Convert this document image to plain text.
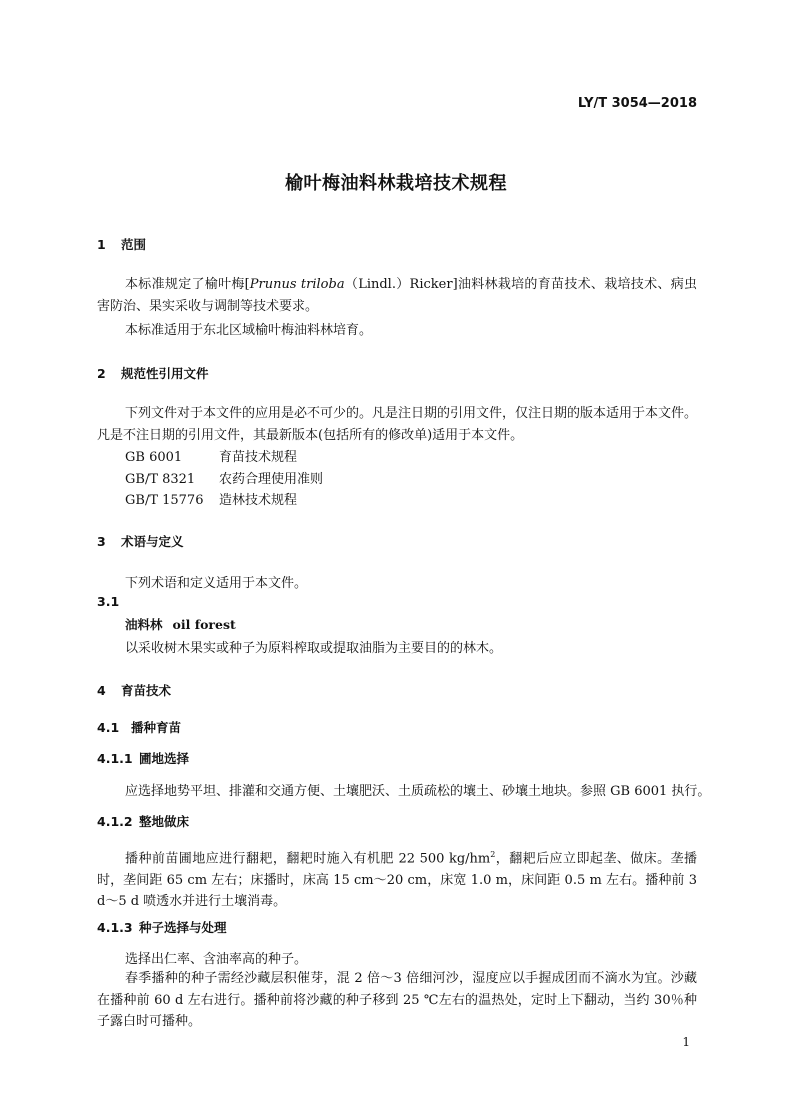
LY/T 3054—2018
榆叶梅油料林栽培技术规程
1 范围
本标准规定了榆叶梅[Prunus triloba（Lindl.）Ricker]油料林栽培的育苗技术、栽培技术、病虫害防治、果实采收与调制等技术要求。
本标准适用于东北区域榆叶梅油料林培育。
2 规范性引用文件
下列文件对于本文件的应用是必不可少的。凡是注日期的引用文件，仅注日期的版本适用于本文件。凡是不注日期的引用文件，其最新版本(包括所有的修改单)适用于本文件。
GB 6001	育苗技术规程
GB/T 8321 农药合理使用准则
GB/T 15776 造林技术规程
3 术语与定义
下列术语和定义适用于本文件。
3.1
油料林 oil forest
以采收树木果实或种子为原料榨取或提取油脂为主要目的的林木。
4 育苗技术
4.1 播种育苗
4.1.1 圃地选择
应选择地势平坦、排灌和交通方便、土壤肥沃、土质疏松的壤土、砂壤土地块。参照 GB 6001 执行。
4.1.2 整地做床
播种前苗圃地应进行翻耙，翻耙时施入有机肥 22 500 $kg/hm^2$，翻耙后应立即起垄、做床。垄播时，垄间距 65 cm 左右；床播时，床高 15 cm～20 cm，床宽 1.0 m，床间距 0.5 m 左右。播种前 3 d～5 d 喷透水并进行土壤消毒。
4.1.3 种子选择与处理
选择出仁率、含油率高的种子。
春季播种的种子需经沙藏层积催芽，混 2 倍～3 倍细河沙，湿度应以手握成团而不滴水为宜。沙藏在播种前 60 d 左右进行。播种前将沙藏的种子移到 25 ℃左右的温热处，定时上下翻动，当约 30％种子露白时可播种。
1
